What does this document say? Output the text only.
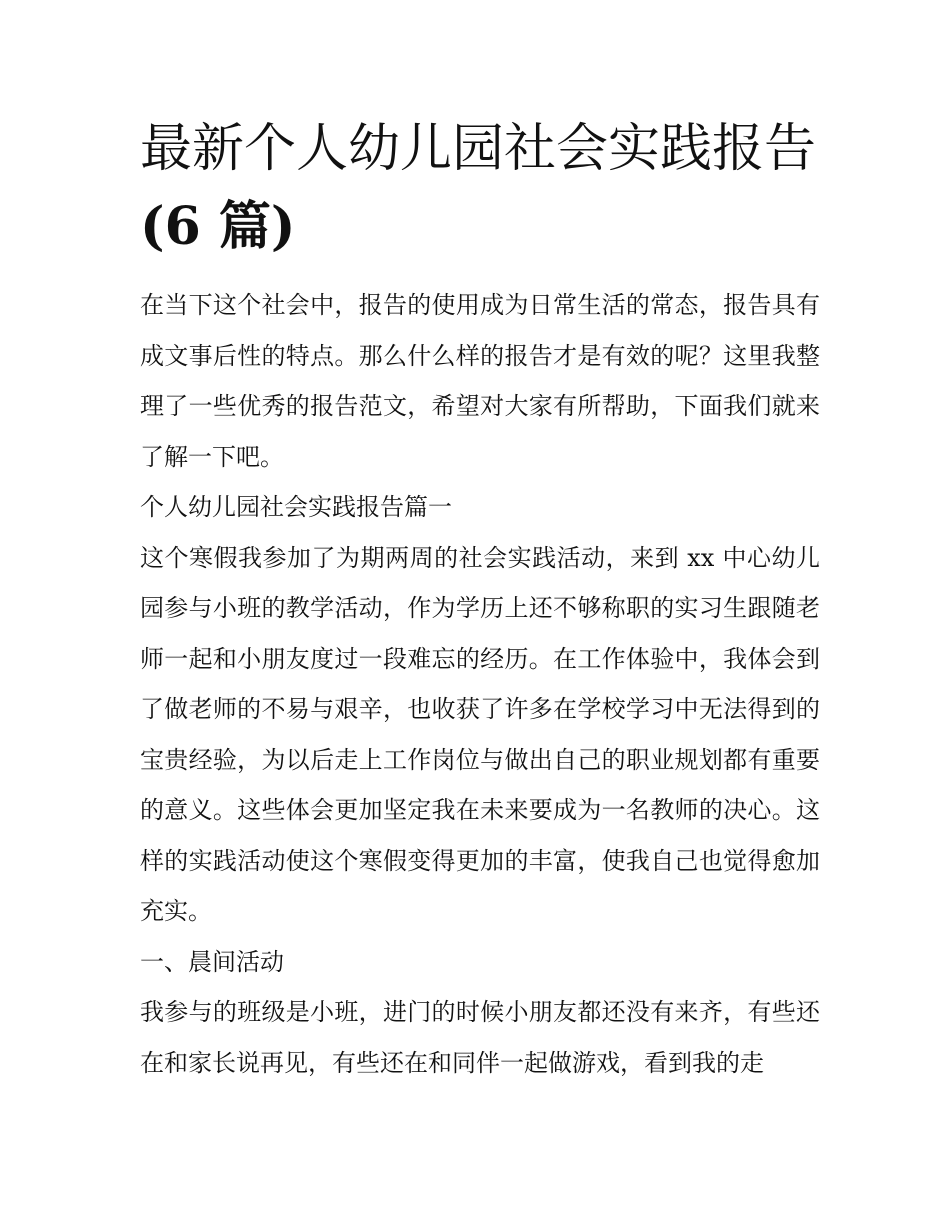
最新个人幼儿园社会实践报告
(6 篇)

在当下这个社会中，报告的使用成为日常生活的常态，报告具有成文事后性的特点。那么什么样的报告才是有效的呢？这里我整理了一些优秀的报告范文，希望对大家有所帮助，下面我们就来了解一下吧。

个人幼儿园社会实践报告篇一

这个寒假我参加了为期两周的社会实践活动，来到 xx 中心幼儿园参与小班的教学活动，作为学历上还不够称职的实习生跟随老师一起和小朋友度过一段难忘的经历。在工作体验中，我体会到了做老师的不易与艰辛，也收获了许多在学校学习中无法得到的宝贵经验，为以后走上工作岗位与做出自己的职业规划都有重要的意义。这些体会更加坚定我在未来要成为一名教师的决心。这样的实践活动使这个寒假变得更加的丰富，使我自己也觉得愈加充实。

一、晨间活动

我参与的班级是小班，进门的时候小朋友都还没有来齐，有些还在和家长说再见，有些还在和同伴一起做游戏，看到我的走
